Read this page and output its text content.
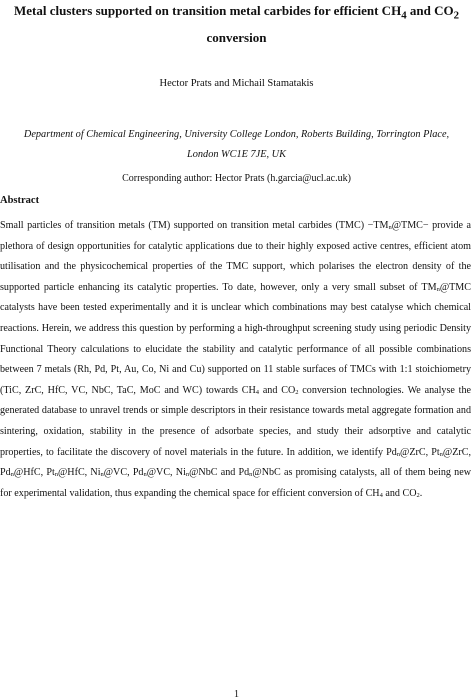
Metal clusters supported on transition metal carbides for efficient $CH_4$ and $CO_2$ conversion
Hector Prats and Michail Stamatakis
Department of Chemical Engineering, University College London, Roberts Building, Torrington Place, London WC1E 7JE, UK
Corresponding author: Hector Prats (h.garcia@ucl.ac.uk)
Abstract
Small particles of transition metals (TM) supported on transition metal carbides $(TMC) -TM_n@TMC-$ provide a plethora of design opportunities for catalytic applications due to their highly exposed active centres, efficient atom utilisation and the physicochemical properties of the TMC support, which polarises the electron density of the supported particle enhancing its catalytic properties. To date, however, only a very small subset of $TM_n@TMC$ catalysts have been tested experimentally and it is unclear which combinations may best catalyse which chemical reactions. Herein, we address this question by performing a high-throughput screening study using periodic Density Functional Theory calculations to elucidate the stability and catalytic performance of all possible combinations between 7 metals (Rh, Pd, Pt, Au, Co, Ni and Cu) supported on 11 stable surfaces of TMCs with 1:1 stoichiometry (TiC, ZrC, HfC, VC, NbC, TaC, MoC and WC) towards $CH_4$ and $CO_2$ conversion technologies. We analyse the generated database to unravel trends or simple descriptors in their resistance towards metal aggregate formation and sintering, oxidation, stability in the presence of adsorbate species, and study their adsorptive and catalytic properties, to facilitate the discovery of novel materials in the future. In addition, we identify $Pd_n@ZrC$, $Pt_n@ZrC$, $Pd_n@HfC$, $Pt_n@HfC$, $Ni_n@VC$, $Pd_n@VC$, $Ni_n@NbC$ and $Pd_n@NbC$ as promising catalysts, all of them being new for experimental validation, thus expanding the chemical space for efficient conversion of $CH_4$ and $CO_2$.
1
